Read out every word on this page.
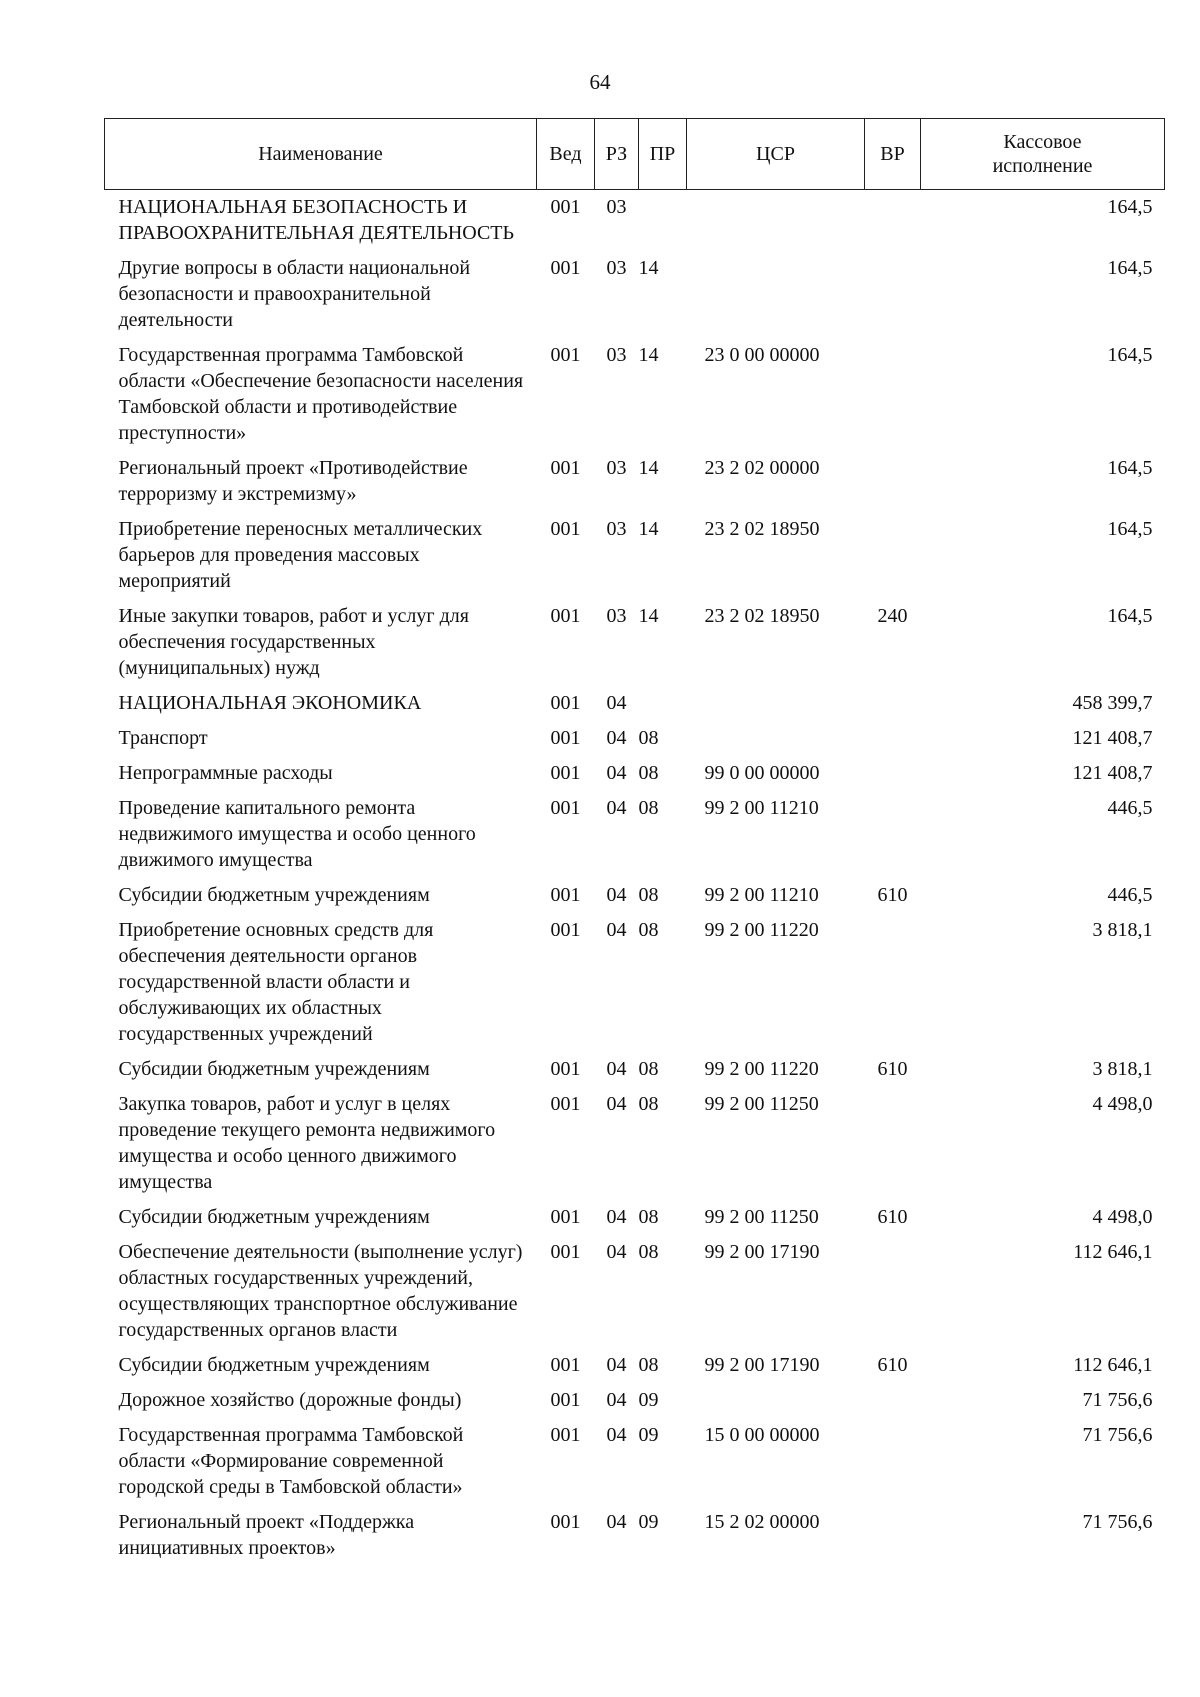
64
Наименование	Вед	РЗ	ПР	ЦСР	ВР	Кассовое исполнение
НАЦИОНАЛЬНАЯ БЕЗОПАСНОСТЬ И ПРАВООХРАНИТЕЛЬНАЯ ДЕЯТЕЛЬНОСТЬ	001	03				164,5
Другие вопросы в области национальной безопасности и правоохранительной деятельности	001	03	14			164,5
Государственная программа Тамбовской области «Обеспечение безопасности населения Тамбовской области и противодействие преступности»	001	03	14	23 0 00 00000		164,5
Региональный проект «Противодействие терроризму и экстремизму»	001	03	14	23 2 02 00000		164,5
Приобретение переносных металлических барьеров для проведения массовых мероприятий	001	03	14	23 2 02 18950		164,5
Иные закупки товаров, работ и услуг для обеспечения государственных (муниципальных) нужд	001	03	14	23 2 02 18950	240	164,5
НАЦИОНАЛЬНАЯ ЭКОНОМИКА	001	04				458 399,7
Транспорт	001	04	08			121 408,7
Непрограммные расходы	001	04	08	99 0 00 00000		121 408,7
Проведение капитального ремонта недвижимого имущества и особо ценного движимого имущества	001	04	08	99 2 00 11210		446,5
Субсидии бюджетным учреждениям	001	04	08	99 2 00 11210	610	446,5
Приобретение основных средств для обеспечения деятельности органов государственной власти области и обслуживающих их областных государственных учреждений	001	04	08	99 2 00 11220		3 818,1
Субсидии бюджетным учреждениям	001	04	08	99 2 00 11220	610	3 818,1
Закупка товаров, работ и услуг в целях проведение текущего ремонта недвижимого имущества и особо ценного движимого имущества	001	04	08	99 2 00 11250		4 498,0
Субсидии бюджетным учреждениям	001	04	08	99 2 00 11250	610	4 498,0
Обеспечение деятельности (выполнение услуг) областных государственных учреждений, осуществляющих транспортное обслуживание государственных органов власти	001	04	08	99 2 00 17190		112 646,1
Субсидии бюджетным учреждениям	001	04	08	99 2 00 17190	610	112 646,1
Дорожное хозяйство (дорожные фонды)	001	04	09			71 756,6
Государственная программа Тамбовской области «Формирование современной городской среды в Тамбовской области»	001	04	09	15 0 00 00000		71 756,6
Региональный проект «Поддержка инициативных проектов»	001	04	09	15 2 02 00000		71 756,6
